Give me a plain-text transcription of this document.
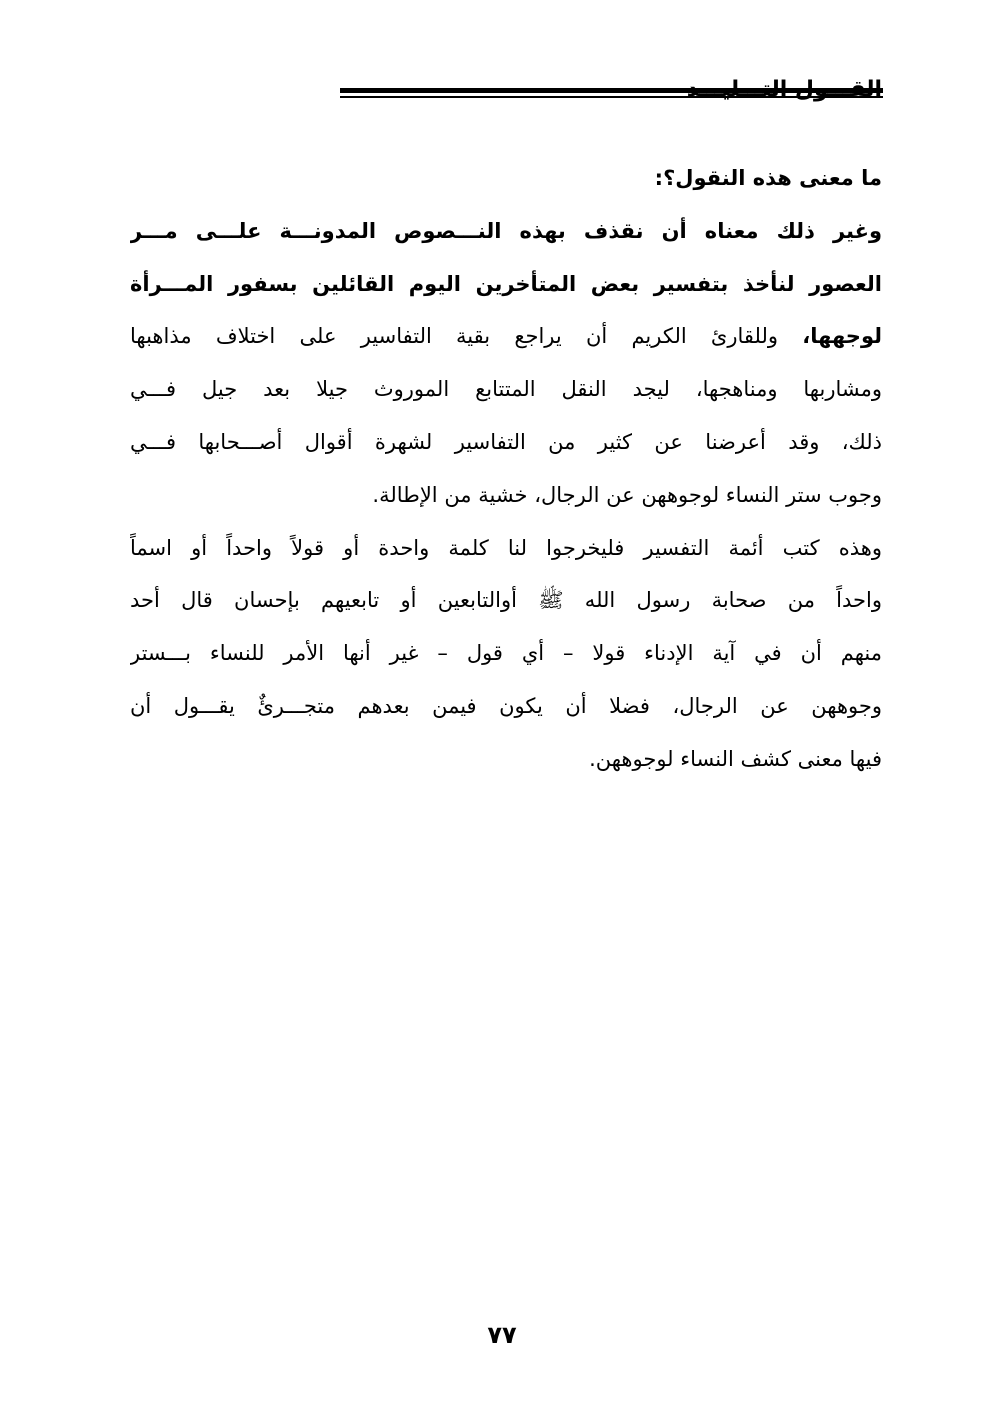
ما معنى هذه النقول؟:
وغير ذلك معناه أن نقذف بهذه النـــصوص المدونـــة علـــى مـــر
العصور لنأخذ بتفسير بعض المتأخرين اليوم القائلين بسفور المـــرأة
لوجهها، وللقارئ الكريم أن يراجع بقية التفاسير على اختلاف مذاهبها
ومشاربها ومناهجها، ليجد النقل المتتابع الموروث جيلا بعد جيل فـــي
ذلك، وقد أعرضنا عن كثير من التفاسير لشهرة أقوال أصـــحابها فـــي
وجوب ستر النساء لوجوههن عن الرجال، خشية من الإطالة.
وهذه كتب أئمة التفسير فليخرجوا لنا كلمة واحدة أو قولاً واحداً أو اسماً
واحداً من صحابة رسول الله ﷺ أوالتابعين أو تابعيهم بإحسان قال أحد
منهم أن في آية الإدناء قولا – أي قول – غير أنها الأمر للنساء بـــستر
وجوههن عن الرجال، فضلا أن يكون فيمن بعدهم متجـــرئٌ يقـــول أن
فيها معنى كشف النساء لوجوههن.
٧٧
